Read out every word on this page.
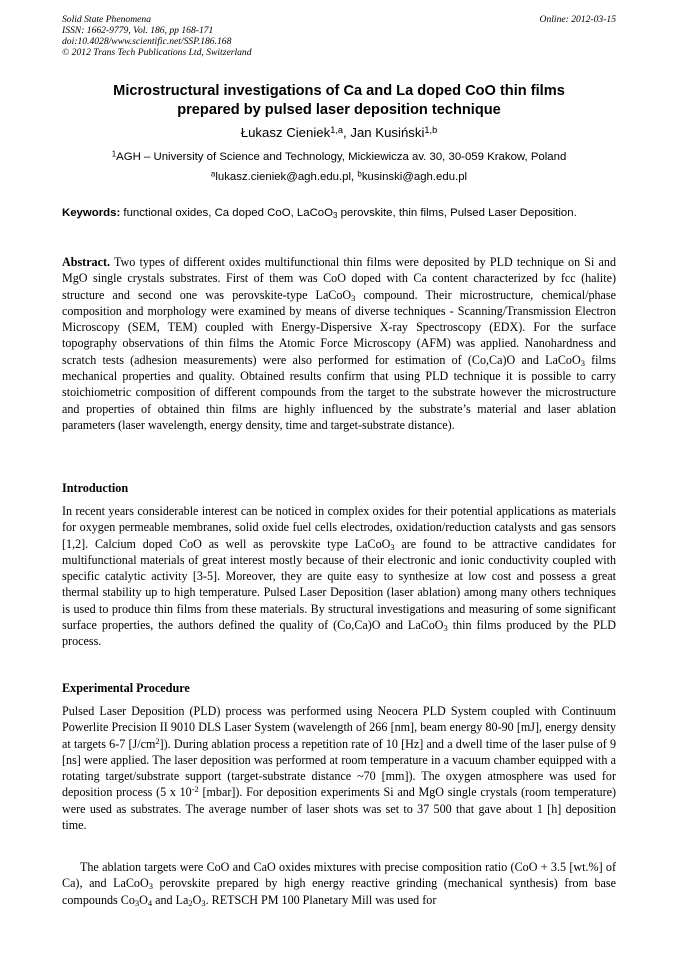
Solid State Phenomena
ISSN: 1662-9779, Vol. 186, pp 168-171
doi:10.4028/www.scientific.net/SSP.186.168
© 2012 Trans Tech Publications Ltd, Switzerland
Online: 2012-03-15
Microstructural investigations of Ca and La doped CoO thin films
prepared by pulsed laser deposition technique
Łukasz Cieniek$^{1,a}$, Jan Kusiński$^{1,b}$
$^1$AGH – University of Science and Technology, Mickiewicza av. 30, 30-059 Krakow, Poland
$^a$lukasz.cieniek@agh.edu.pl, $^b$kusinski@agh.edu.pl
Keywords: functional oxides, Ca doped CoO, LaCoO$_3$ perovskite, thin films, Pulsed Laser Deposition.
Abstract. Two types of different oxides multifunctional thin films were deposited by PLD technique on Si and MgO single crystals substrates. First of them was CoO doped with Ca content characterized by fcc (halite) structure and second one was perovskite-type LaCoO$_3$ compound. Their microstructure, chemical/phase composition and morphology were examined by means of diverse techniques - Scanning/Transmission Electron Microscopy (SEM, TEM) coupled with Energy-Dispersive X-ray Spectroscopy (EDX). For the surface topography observations of thin films the Atomic Force Microscopy (AFM) was applied. Nanohardness and scratch tests (adhesion measurements) were also performed for estimation of (Co,Ca)O and LaCoO$_3$ films mechanical properties and quality. Obtained results confirm that using PLD technique it is possible to carry stoichiometric composition of different compounds from the target to the substrate however the microstructure and properties of obtained thin films are highly influenced by the substrate’s material and laser ablation parameters (laser wavelength, energy density, time and target-substrate distance).
Introduction
In recent years considerable interest can be noticed in complex oxides for their potential applications as materials for oxygen permeable membranes, solid oxide fuel cells electrodes, oxidation/reduction catalysts and gas sensors [1,2]. Calcium doped CoO as well as perovskite type LaCoO$_3$ are found to be attractive candidates for multifunctional materials of great interest mostly because of their electronic and ionic conductivity coupled with specific catalytic activity [3-5]. Moreover, they are quite easy to synthesize at low cost and possess a great thermal stability up to high temperature. Pulsed Laser Deposition (laser ablation) among many others techniques is used to produce thin films from these materials. By structural investigations and measuring of some significant surface properties, the authors defined the quality of (Co,Ca)O and LaCoO$_3$ thin films produced by the PLD process.
Experimental Procedure
Pulsed Laser Deposition (PLD) process was performed using Neocera PLD System coupled with Continuum Powerlite Precision II 9010 DLS Laser System (wavelength of 266 [nm], beam energy 80-90 [mJ], energy density at targets 6-7 $[J/cm^2]$). During ablation process a repetition rate of 10 [Hz] and a dwell time of the laser pulse of 9 [ns] were applied. The laser deposition was performed at room temperature in a vacuum chamber equipped with a rotating target/substrate support (target-substrate distance ~70 [mm]). The oxygen atmosphere was used for deposition process (5 x $10^{-2}$ [mbar]). For deposition experiments Si and MgO single crystals (room temperature) were used as substrates. The average number of laser shots was set to 37 500 that gave about 1 [h] deposition time.
The ablation targets were CoO and CaO oxides mixtures with precise composition ratio (CoO + 3.5 [wt.%] of Ca), and LaCoO$_3$ perovskite prepared by high energy reactive grinding (mechanical synthesis) from base compounds $Co_3O_4$ and $La_2O_3$. RETSCH PM 100 Planetary Mill was used for
